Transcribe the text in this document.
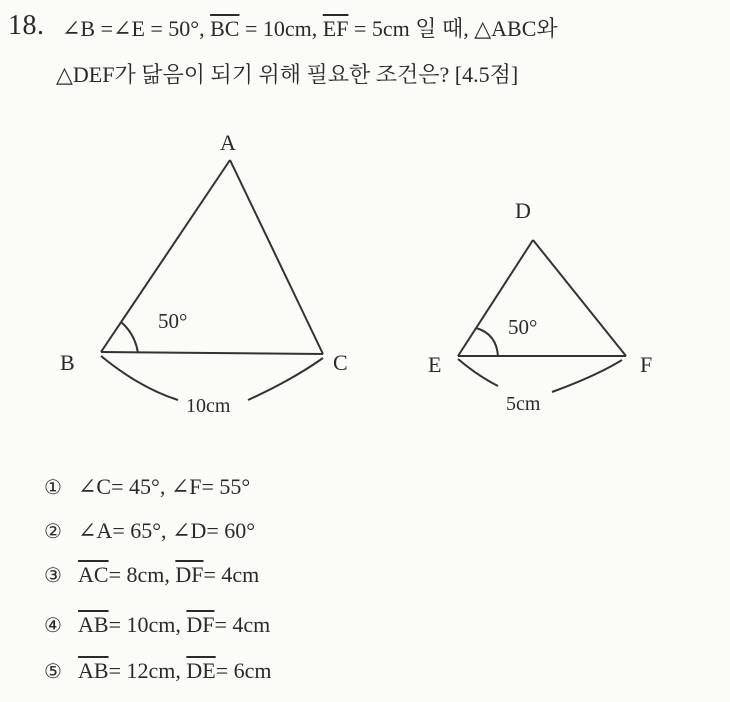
18. ∠B =∠E = 50°, $\overline{BC} = 10cm$, $\overline{EF} = 5cm$ 일 때, △ABC와
△DEF가 닮음이 되기 위해 필요한 조건은? [4.5점]
A
B	C
50°
10cm
D
E	F
50°
5cm
① ∠C= 45°, ∠F= 55°
② ∠A= 65°, ∠D= 60°
③ $\overline{AC}= 8cm$, $\overline{DF}= 4cm$
④ $\overline{AB}= 10cm$, $\overline{DF}= 4cm$
⑤ $\overline{AB}= 12cm$, $\overline{DE}= 6cm$
